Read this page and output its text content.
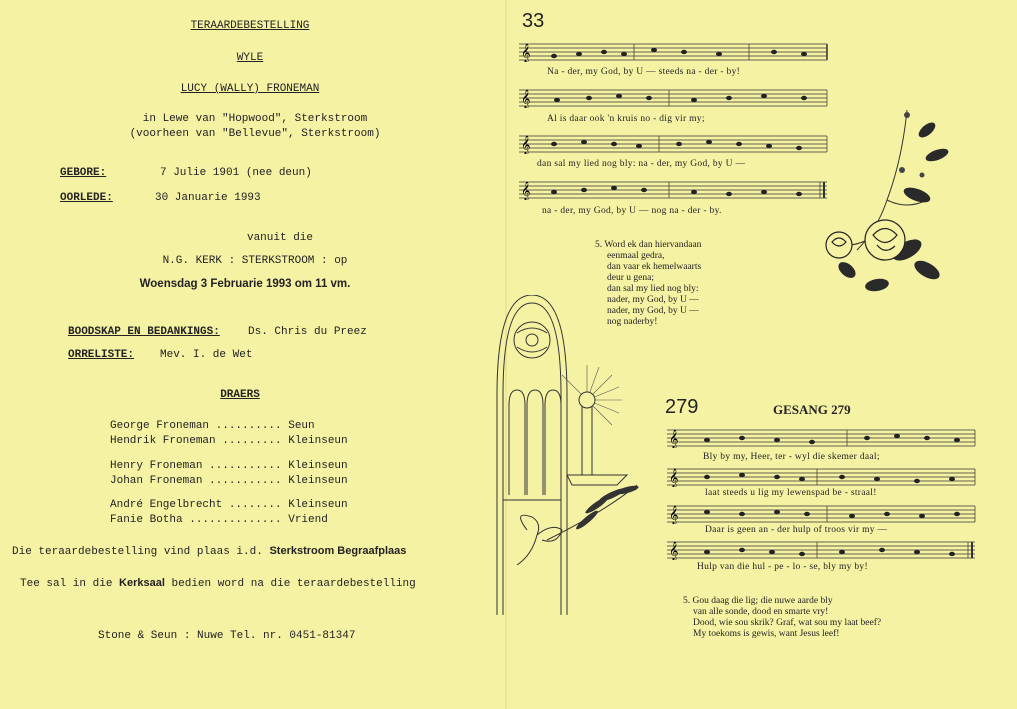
TERAARDEBESTELLING
WYLE
LUCY (WALLY) FRONEMAN
in Lewe van "Hopwood", Sterkstroom
(voorheen van "Bellevue", Sterkstroom)
GEBORE:	7 Julie 1901 (nee deun)
OORLEDE:	30 Januarie 1993
vanuit die
N.G. KERK : STERKSTROOM : op
Woensdag 3 Februarie 1993 om 11 vm.
BOODSKAP EN BEDANKINGS:	Ds. Chris du Preez
ORRELISTE: Mev. I. de Wet
DRAERS
George Froneman .......... Seun
Hendrik Froneman ......... Kleinseun
Henry Froneman ........... Kleinseun
Johan Froneman ........... Kleinseun
André Engelbrecht ........ Kleinseun
Fanie Botha .............. Vriend
Die teraardebestelling vind plaas i.d. Sterkstroom Begraafplaas
Tee sal in die Kerksaal bedien word na die teraardebestelling
Stone & Seun : Nuwe Tel. nr. 0451-81347
33
𝄞
Na - der, my God, by U — steeds na - der - by!
𝄞
Al is daar ook 'n kruis no - dig vir my;
𝄞
dan sal my lied nog bly: na - der, my God, by U —
𝄞
na - der, my God, by U — nog na - der - by.
5. Word ek dan hiervandaan
eenmaal gedra,
dan vaar ek hemelwaarts
deur u gena;
dan sal my lied nog bly:
nader, my God, by U —
nader, my God, by U —
nog naderby!
279	GESANG 279
𝄞
Bly by my, Heer, ter - wyl die skemer daal;
𝄞
laat steeds u lig my lewenspad be - straal!
𝄞
Daar is geen an - der hulp of troos vir my —
𝄞
Hulp van die hul - pe - lo - se, bly my by!
5. Gou daag die lig; die nuwe aarde bly
van alle sonde, dood en smarte vry!
Dood, wie sou skrik? Graf, wat sou my laat beef?
My toekoms is gewis, want Jesus leef!
